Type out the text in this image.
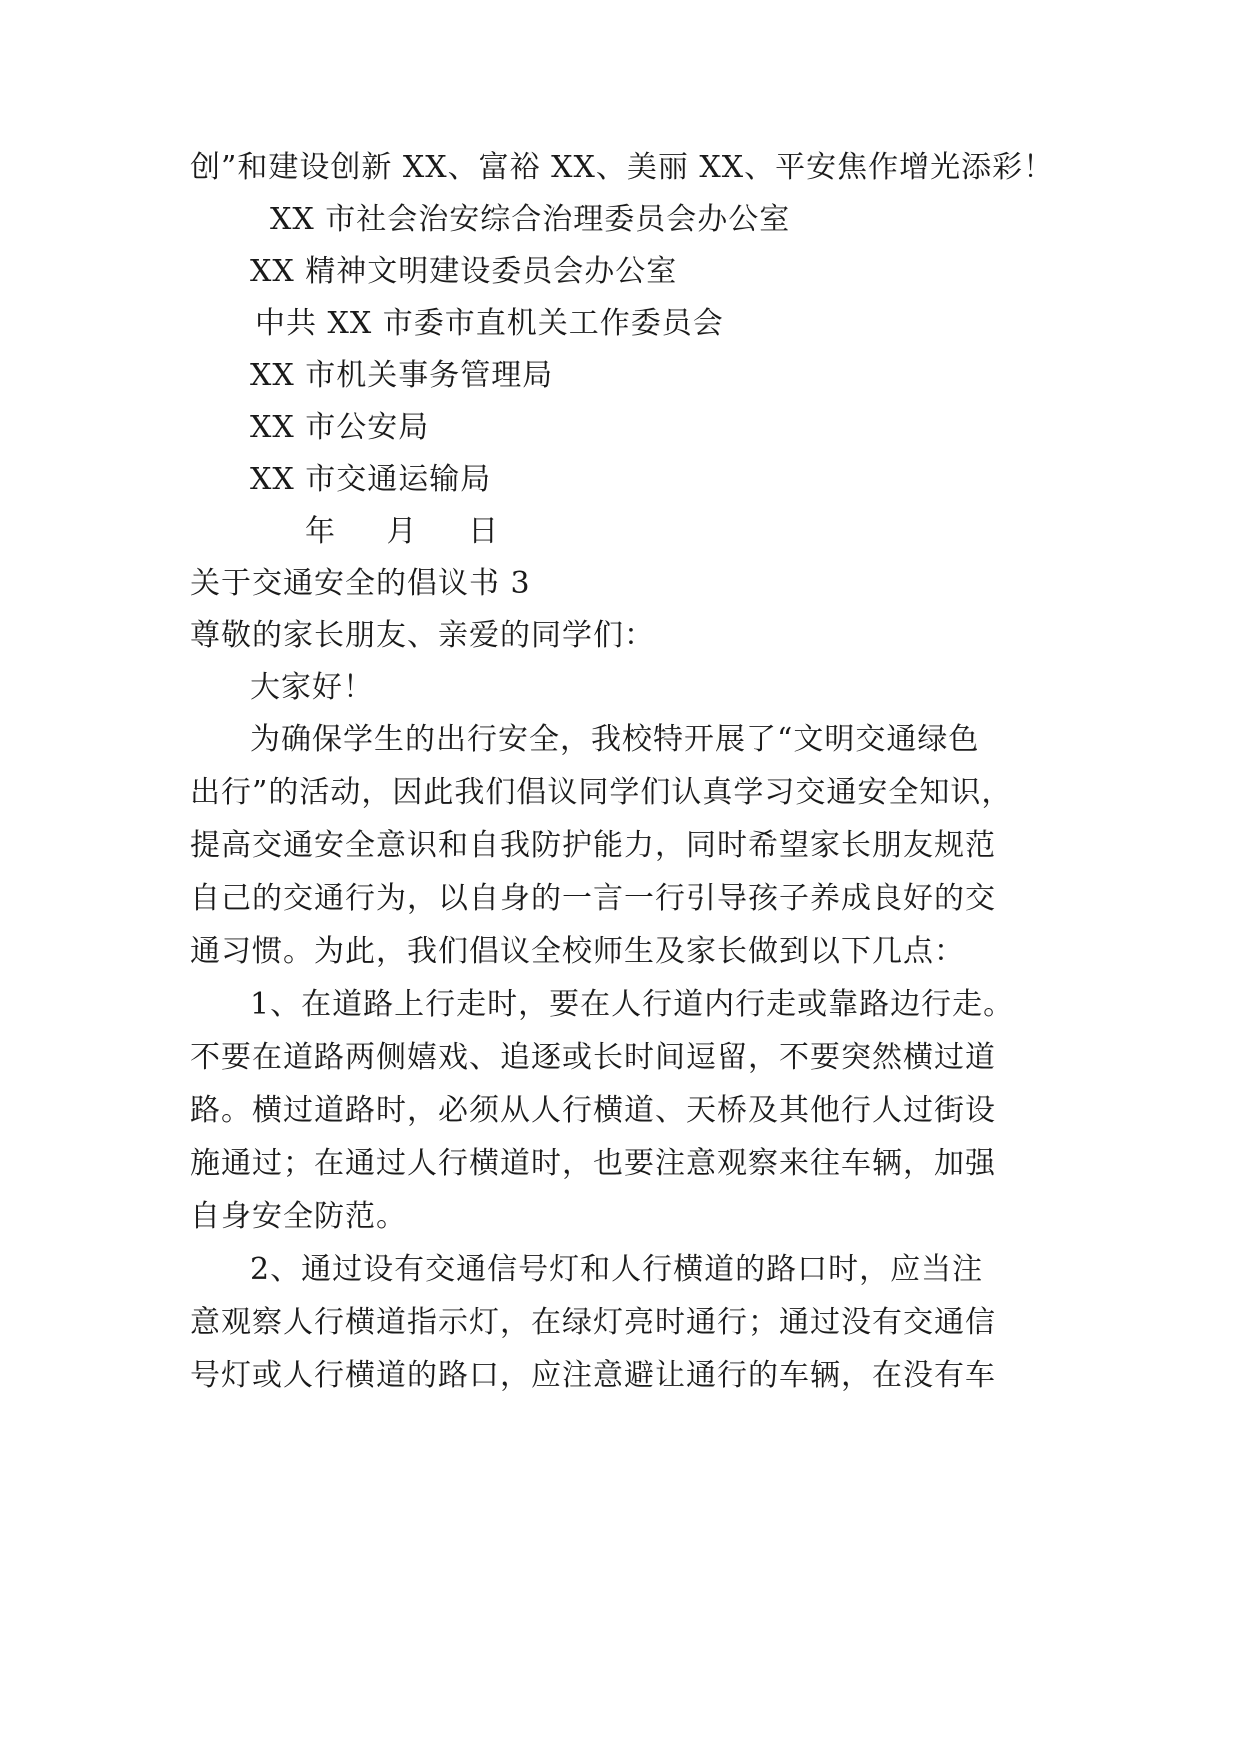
创”和建设创新 XX、富裕 XX、美丽 XX、平安焦作增光添彩！
XX 市社会治安综合治理委员会办公室
XX 精神文明建设委员会办公室
中共 XX 市委市直机关工作委员会
XX 市机关事务管理局
XX 市公安局
XX 市交通运输局
年 月 日
关于交通安全的倡议书 3
尊敬的家长朋友、亲爱的同学们：
大家好！
为确保学生的出行安全，我校特开展了“文明交通绿色
出行”的活动，因此我们倡议同学们认真学习交通安全知识，
提高交通安全意识和自我防护能力，同时希望家长朋友规范
自己的交通行为，以自身的一言一行引导孩子养成良好的交
通习惯。为此，我们倡议全校师生及家长做到以下几点：
1、在道路上行走时，要在人行道内行走或靠路边行走。
不要在道路两侧嬉戏、追逐或长时间逗留，不要突然横过道
路。横过道路时，必须从人行横道、天桥及其他行人过街设
施通过；在通过人行横道时，也要注意观察来往车辆，加强
自身安全防范。
2、通过设有交通信号灯和人行横道的路口时，应当注
意观察人行横道指示灯，在绿灯亮时通行；通过没有交通信
号灯或人行横道的路口，应注意避让通行的车辆，在没有车
